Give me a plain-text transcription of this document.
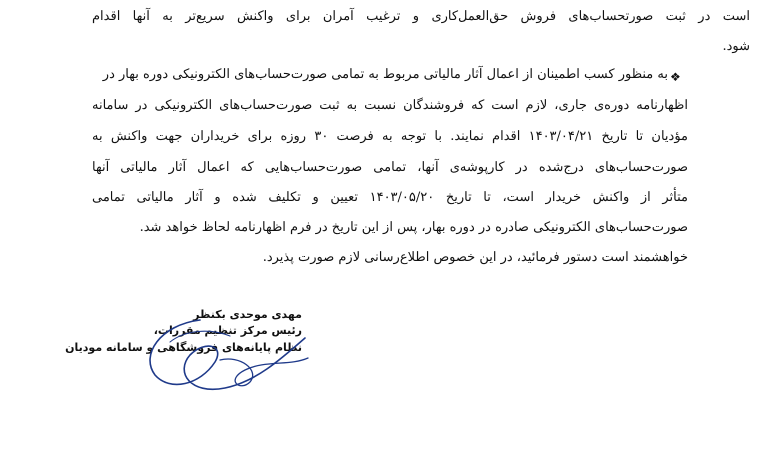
است در ثبت صورتحساب‌های فروش حق‌العمل‌کاری و ترغیب آمران برای واکنش سریع‌تر به آنها اقدام
شود.
❖
به منظور کسب اطمینان از اعمال آثار مالیاتی مربوط به تمامی صورت‌حساب‌های الکترونیکی دوره بهار در
اظهارنامه دوره‌ی جاری، لازم است که فروشندگان نسبت به ثبت صورت‌حساب‌های الکترونیکی در سامانه
مؤدیان تا تاریخ ۱۴۰۳/۰۴/۲۱ اقدام نمایند. با توجه به فرصت ۳۰ روزه برای خریداران جهت واکنش به
صورت‌حساب‌های درج‌شده در کارپوشه‌ی آنها، تمامی صورت‌حساب‌هایی که اعمال آثار مالیاتی آنها
متأثر از واکنش خریدار است، تا تاریخ ۱۴۰۳/۰۵/۲۰ تعیین و تکلیف شده و آثار مالیاتی تمامی
صورت‌حساب‌های الکترونیکی صادره در دوره بهار، پس از این تاریخ در فرم اظهارنامه لحاظ خواهد شد.
خواهشمند است دستور فرمائید، در این خصوص اطلاع‌رسانی لازم صورت پذیرد.
مهدی موحدی بکنظر
رئیس مرکز تنظیم مقررات،
نظام پایانه‌های فروشگاهی و سامانه مودیان
